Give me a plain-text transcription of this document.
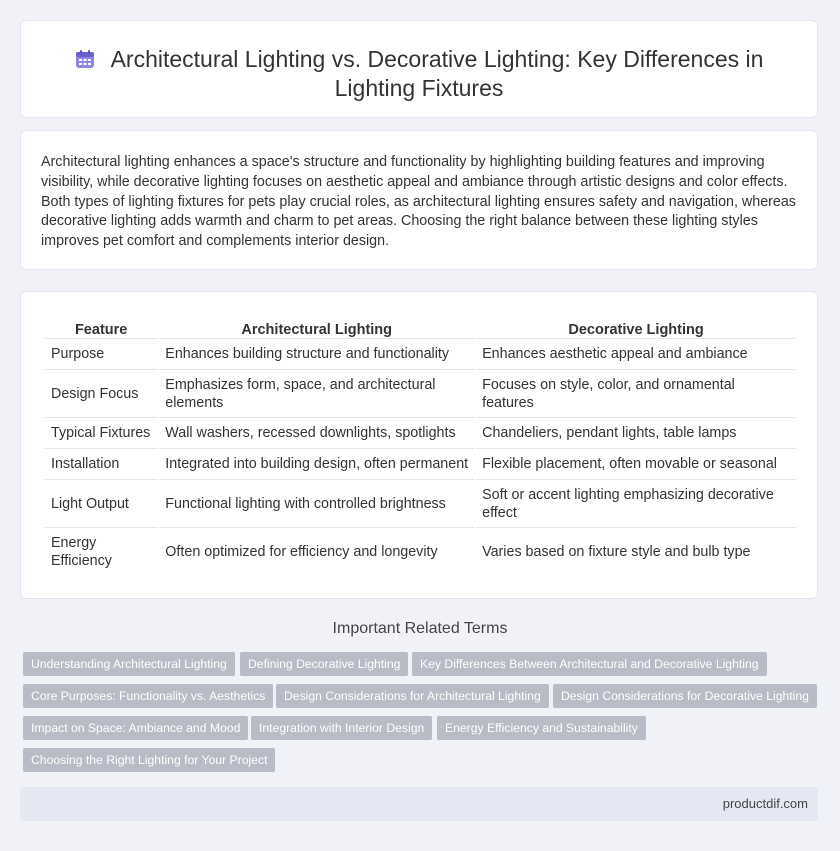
Architectural Lighting vs. Decorative Lighting: Key Differences in Lighting Fixtures

Architectural lighting enhances a space's structure and functionality by highlighting building features and improving visibility, while decorative lighting focuses on aesthetic appeal and ambiance through artistic designs and color effects. Both types of lighting fixtures for pets play crucial roles, as architectural lighting ensures safety and navigation, whereas decorative lighting adds warmth and charm to pet areas. Choosing the right balance between these lighting styles improves pet comfort and complements interior design.

Feature	Architectural Lighting	Decorative Lighting
Purpose	Enhances building structure and functionality	Enhances aesthetic appeal and ambiance
Design Focus	Emphasizes form, space, and architectural elements	Focuses on style, color, and ornamental features
Typical Fixtures	Wall washers, recessed downlights, spotlights	Chandeliers, pendant lights, table lamps
Installation	Integrated into building design, often permanent	Flexible placement, often movable or seasonal
Light Output	Functional lighting with controlled brightness	Soft or accent lighting emphasizing decorative effect
Energy Efficiency	Often optimized for efficiency and longevity	Varies based on fixture style and bulb type
Important Related Terms
Understanding Architectural Lighting	Defining Decorative Lighting	Key Differences Between Architectural and Decorative Lighting
Core Purposes: Functionality vs. Aesthetics	Design Considerations for Architectural Lighting	Design Considerations for Decorative Lighting
Impact on Space: Ambiance and Mood	Integration with Interior Design	Energy Efficiency and Sustainability
Choosing the Right Lighting for Your Project
productdif.com
